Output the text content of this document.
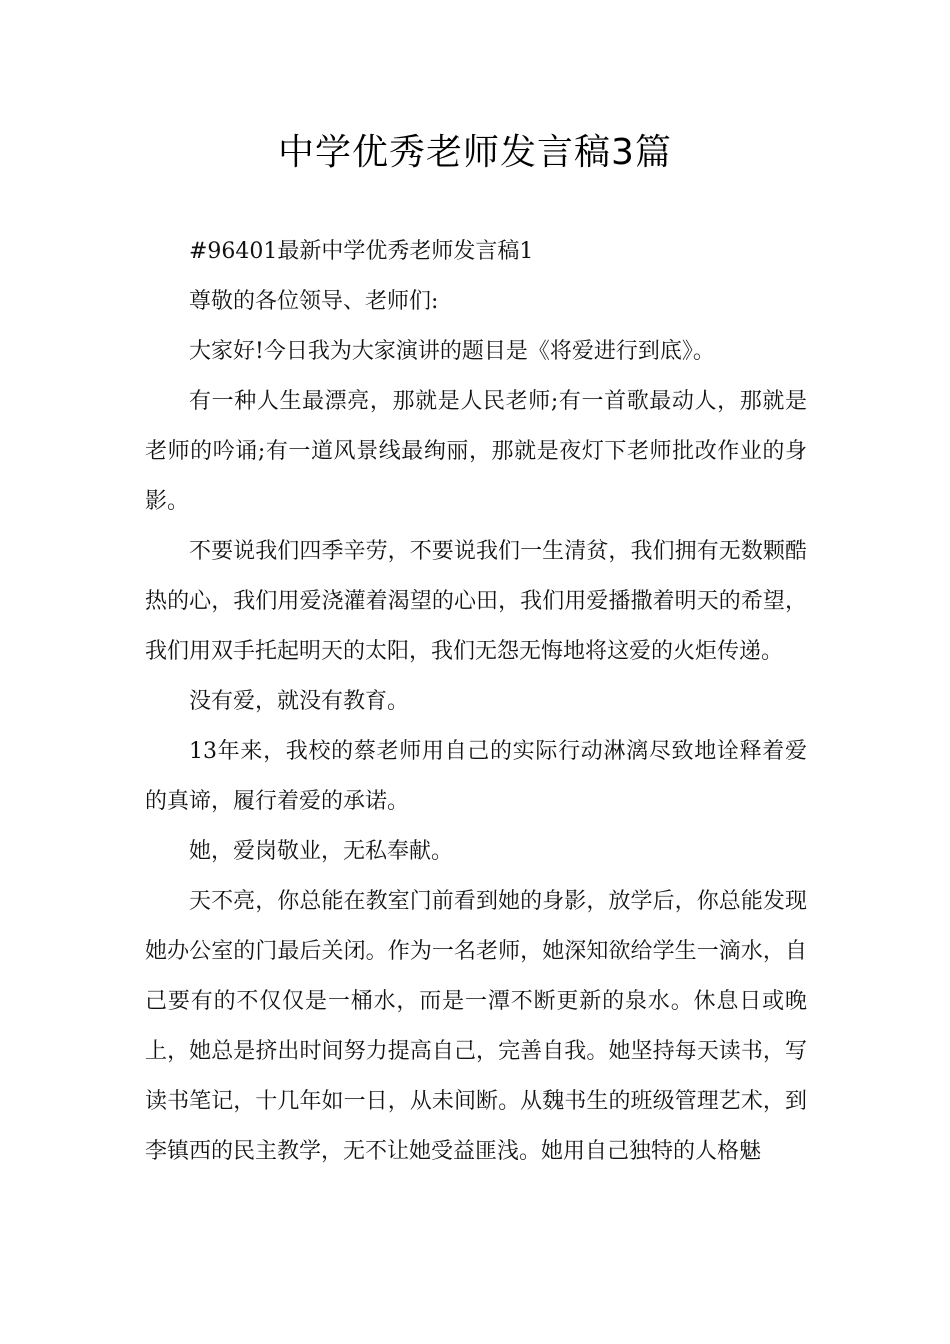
中学优秀老师发言稿3篇

#96401最新中学优秀老师发言稿1

尊敬的各位领导、老师们:

大家好!今日我为大家演讲的题目是《将爱进行到底》。

有一种人生最漂亮，那就是人民老师;有一首歌最动人，那就是老师的吟诵;有一道风景线最绚丽，那就是夜灯下老师批改作业的身影。

不要说我们四季辛劳，不要说我们一生清贫，我们拥有无数颗酷热的心，我们用爱浇灌着渴望的心田，我们用爱播撒着明天的希望，我们用双手托起明天的太阳，我们无怨无悔地将这爱的火炬传递。

没有爱，就没有教育。

13年来，我校的蔡老师用自己的实际行动淋漓尽致地诠释着爱的真谛，履行着爱的承诺。

她，爱岗敬业，无私奉献。

天不亮，你总能在教室门前看到她的身影，放学后，你总能发现她办公室的门最后关闭。作为一名老师，她深知欲给学生一滴水，自己要有的不仅仅是一桶水，而是一潭不断更新的泉水。休息日或晚上，她总是挤出时间努力提高自己，完善自我。她坚持每天读书，写读书笔记，十几年如一日，从未间断。从魏书生的班级管理艺术，到李镇西的民主教学，无不让她受益匪浅。她用自己独特的人格魅
